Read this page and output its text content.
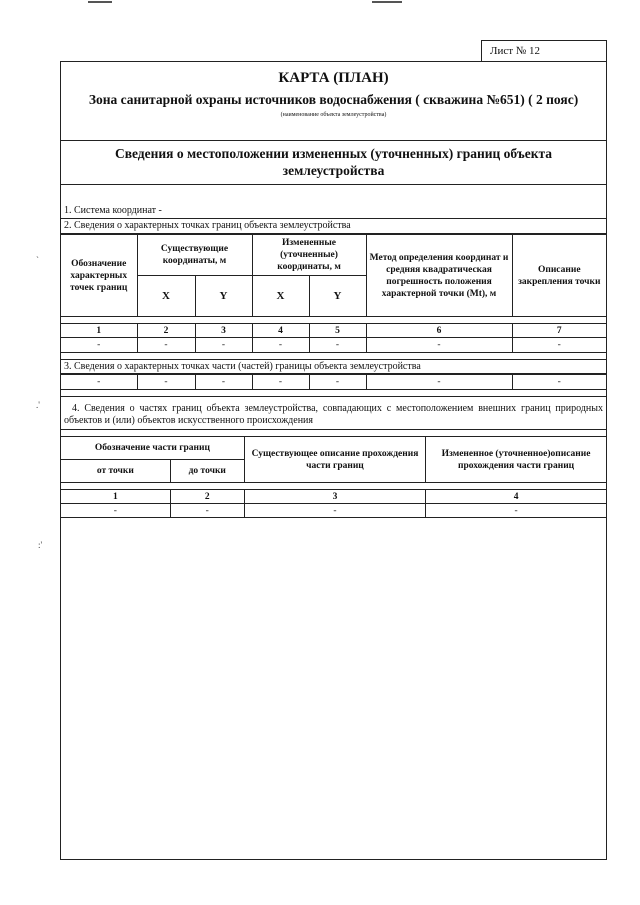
`
.'
:'
Лист № 12
КАРТА (ПЛАН)
Зона санитарной охраны источников водоснабжения ( скважина №651) ( 2 пояс)
(наименование объекта землеустройства)
Сведения о местоположении измененных (уточненных) границ объекта землеустройства
1. Система координат -
2. Сведения о характерных точках границ объекта землеустройства
Обозначение характерных точек границ	Существующие координаты, м		Измененные (уточненные) координаты, м		Метод определения координат и средняя квадратическая погрешность положения характерной точки (Mt), м	Описание закрепления точки
	X	Y	X	Y		

1	2	3	4	5	6	7
-	-	-	-	-	-	-
3. Сведения о характерных точках части (частей) границы объекта землеустройства
-	-	-	-	-	-	-
4. Сведения о частях границ объекта землеустройства, совпадающих с местоположением внешних границ природных объектов и (или) объектов искусственного происхождения
Обозначение части границ		Существующее описание прохождения части границ	Измененное (уточненное)описание прохождения части границ
от точки	до точки		

1	2	3	4
-	-	-	-
